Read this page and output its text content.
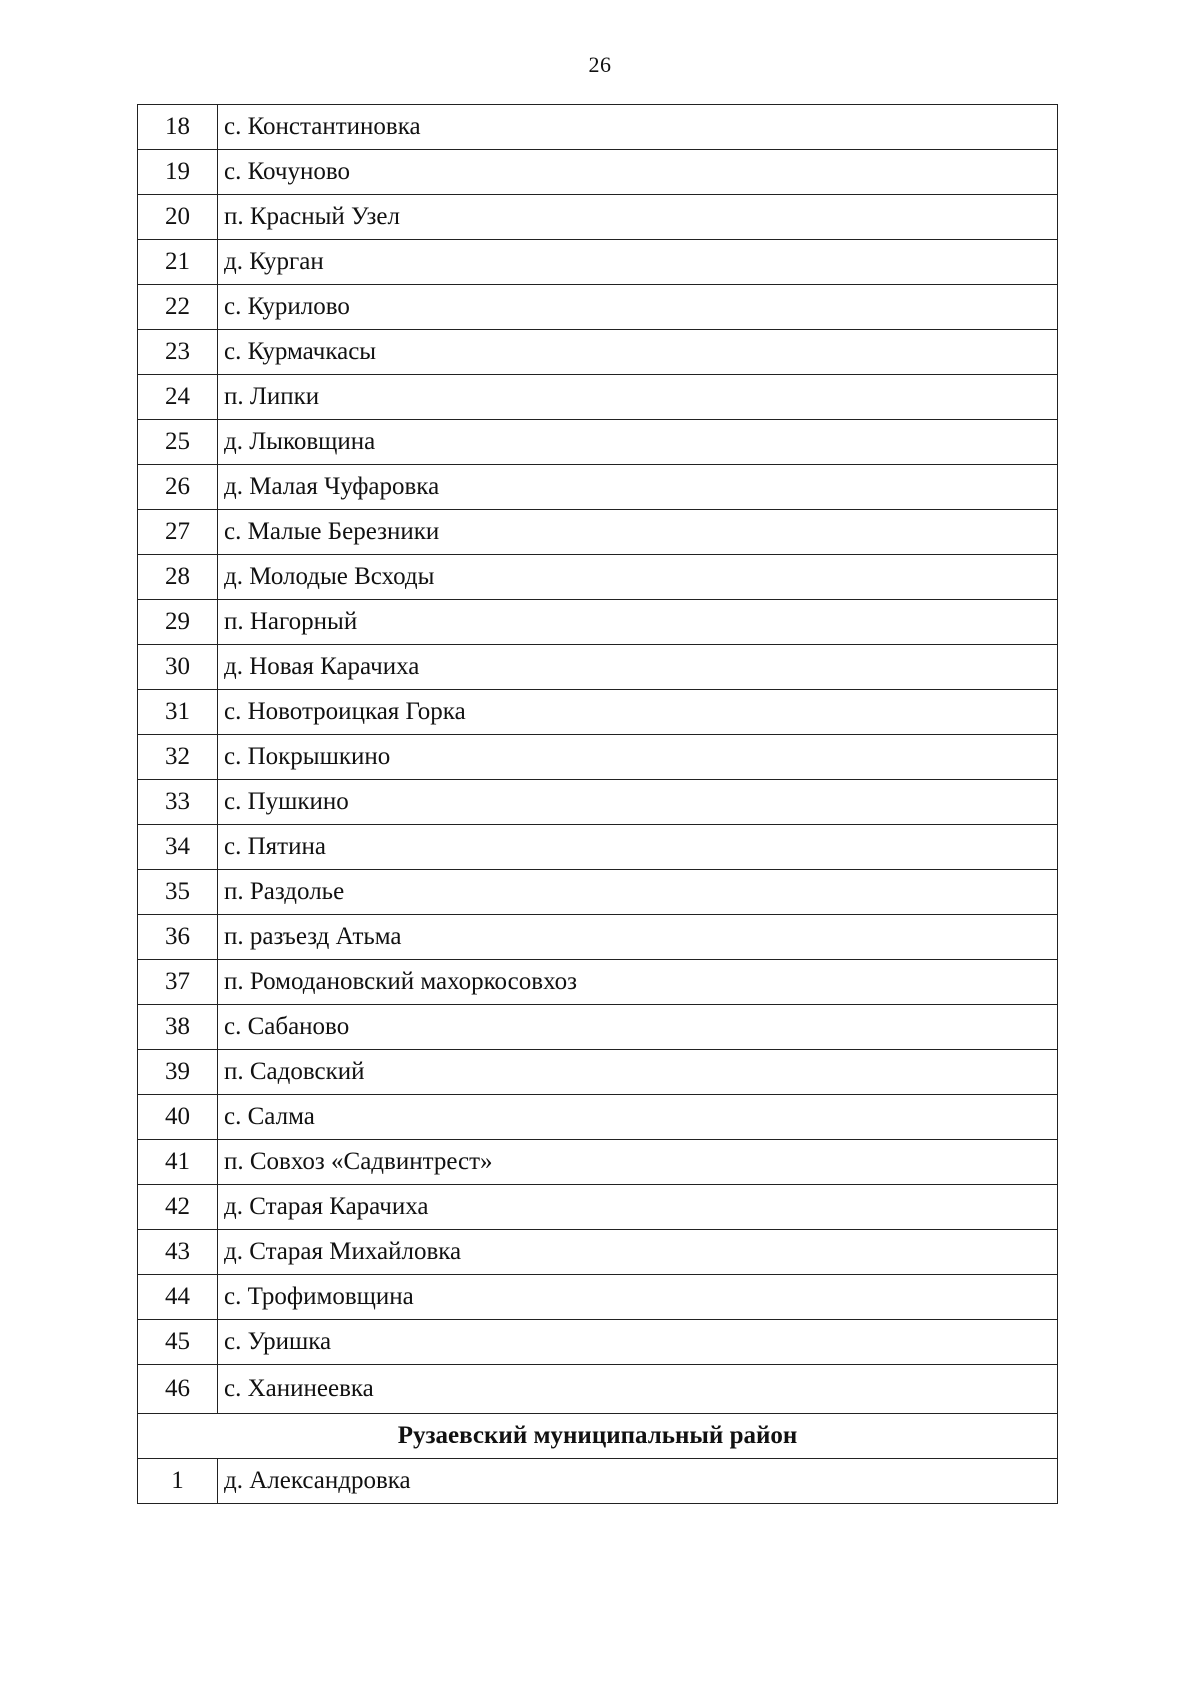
26
18	с. Константиновка
19	с. Кочуново
20	п. Красный Узел
21	д. Курган
22	с. Курилово
23	с. Курмачкасы
24	п. Липки
25	д. Лыковщина
26	д. Малая Чуфаровка
27	с. Малые Березники
28	д. Молодые Всходы
29	п. Нагорный
30	д. Новая Карачиха
31	с. Новотроицкая Горка
32	с. Покрышкино
33	с. Пушкино
34	с. Пятина
35	п. Раздолье
36	п. разъезд Атьма
37	п. Ромодановский махоркосовхоз
38	с. Сабаново
39	п. Садовский
40	с. Салма
41	п. Совхоз «Садвинтрест»
42	д. Старая Карачиха
43	д. Старая Михайловка
44	с. Трофимовщина
45	с. Уришка
46	с. Ханинеевка
Рузаевский муниципальный район	
1	д. Александровка
